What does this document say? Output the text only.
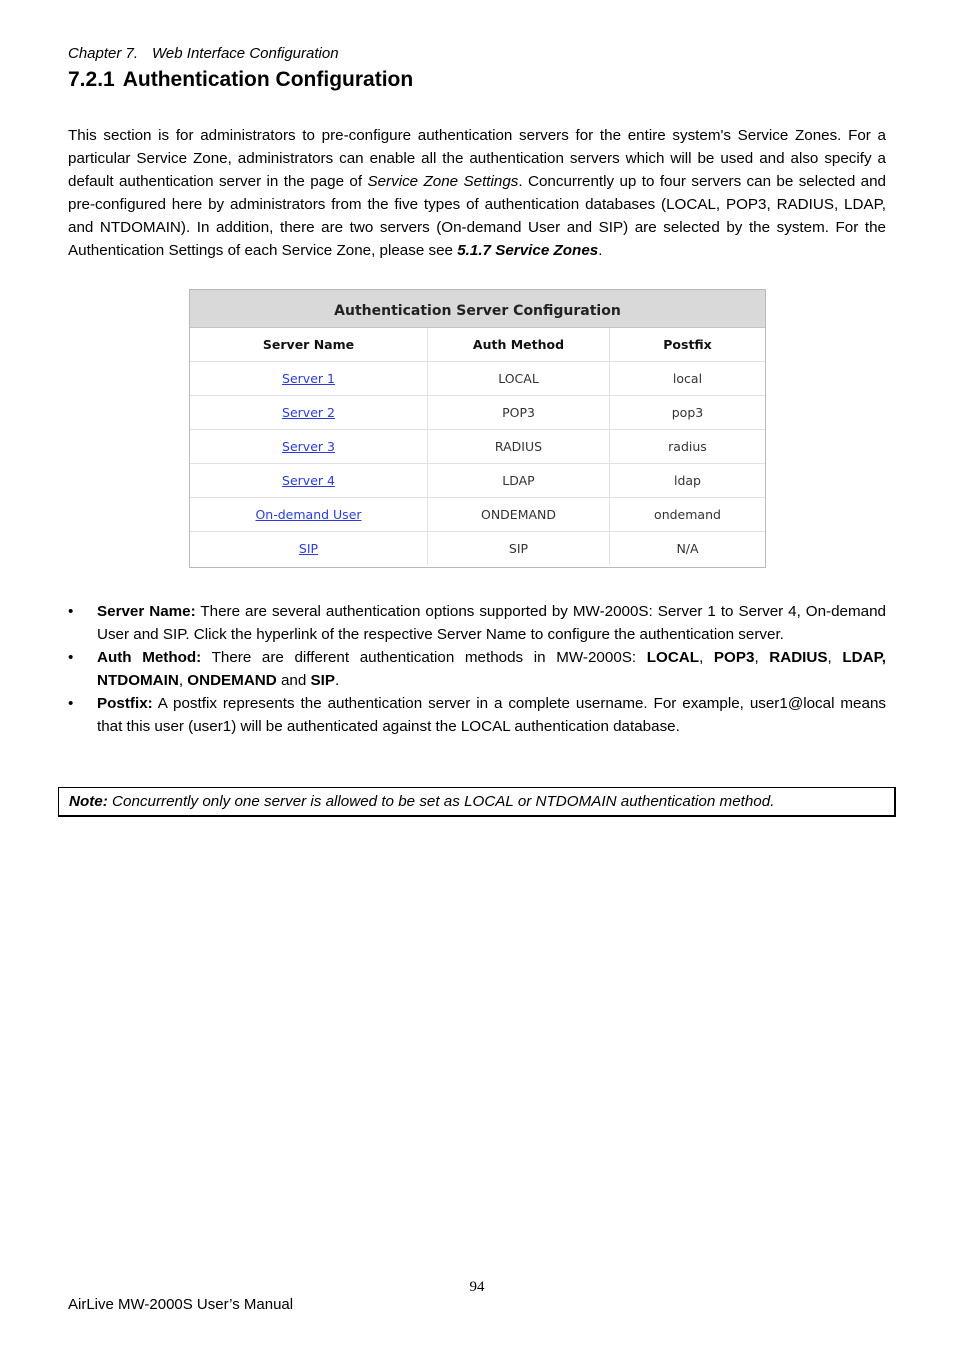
Chapter 7. Web Interface Configuration
7.2.1 Authentication Configuration

This section is for administrators to pre-configure authentication servers for the entire system's Service Zones. For a particular Service Zone, administrators can enable all the authentication servers which will be used and also specify a default authentication server in the page of Service Zone Settings. Concurrently up to four servers can be selected and pre-configured here by administrators from the five types of authentication databases (LOCAL, POP3, RADIUS, LDAP, and NTDOMAIN). In addition, there are two servers (On-demand User and SIP) are selected by the system. For the Authentication Settings of each Service Zone, please see 5.1.7 Service Zones.

Authentication Server Configuration
Server Name	Auth Method	Postfix
Server 1	LOCAL	local
Server 2	POP3	pop3
Server 3	RADIUS	radius
Server 4	LDAP	ldap
On-demand User	ONDEMAND	ondemand
SIP	SIP	N/A
• Server Name: There are several authentication options supported by MW-2000S: Server 1 to Server 4, On-demand User and SIP. Click the hyperlink of the respective Server Name to configure the authentication server.
• Auth Method: There are different authentication methods in MW-2000S: LOCAL, POP3, RADIUS, LDAP, NTDOMAIN, ONDEMAND and SIP.
• Postfix: A postfix represents the authentication server in a complete username. For example, user1@local means that this user (user1) will be authenticated against the LOCAL authentication database.
Note: Concurrently only one server is allowed to be set as LOCAL or NTDOMAIN authentication method.
94
AirLive MW-2000S User’s Manual
